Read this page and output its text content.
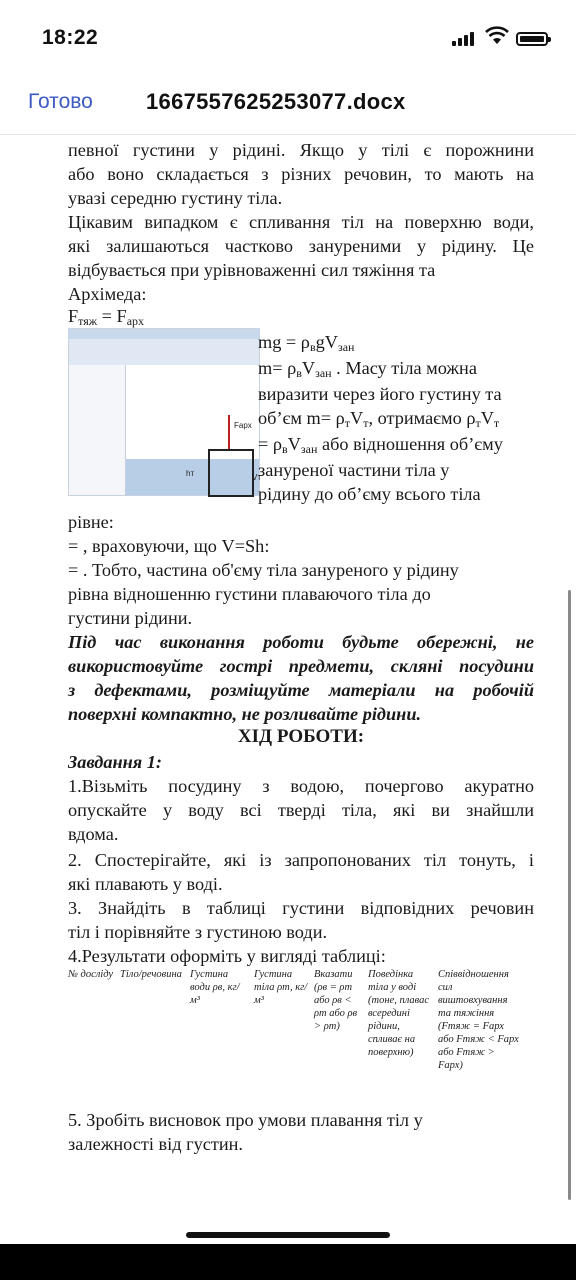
18:22
Готово 1667557625253077.docx
певної густини у рідині. Якщо у тілі є порожнини
або воно складається з різних речовин, то мають на
увазі середню густину тіла.
Цікавим випадком є спливання тіл на поверхню води,
які залишаються частково зануреними у рідину. Це
відбувається при урівноваженні сил тяжіння та
Архімеда:
$F_{тяж} = F_{арх}$
Fарх
hт	Vт
mg = $\rho_вgV_{зан}$
$m= \rho_вV_{зан}$ . Масу тіла можна
виразити через його густину та
об’єм $m= \rho_тV_т$, отримаємо $\rho_тV_т$
= $\rho_вV_{зан}$ або відношення об’єму
зануреної частини тіла у
рідину до об’єму всього тіла
рівне:
= , враховуючи, що V=Sh:
= . Тобто, частина об'єму тіла зануреного у рідину
рівна відношенню густини плаваючого тіла до
густини рідини.
Під час виконання роботи будьте обережні, не
використовуйте гострі предмети, скляні посудини
з дефектами, розміщуйте матеріали на робочій
поверхні компактно, не розливайте рідини.
ХІД РОБОТИ:
Завдання 1:
1.Візьміть посудину з водою, почергово акуратно
опускайте у воду всі тверді тіла, які ви знайшли
вдома.
2. Спостерігайте, які із запропонованих тіл тонуть, і
які плавають у воді.
3. Знайдіть в таблиці густини відповідних речовин
тіл і порівняйте з густиною води.
4.Результати оформіть у вигляді таблиці:
№ досліду Тіло/речовина Густина води ρв, кг/м³
Густина тіла ρт, кг/м³
Вказати (ρв = ρт або ρв < ρт або ρв > ρт)
Поведінка тіла у воді (тоне, плавас всередині рідини, спливає на поверхню)
Співвідношення сил виштовхування та тяжіння (Fтяж = Fарх або Fтяж < Fарх або Fтяж > Fарх)
5. Зробіть висновок про умови плавання тіл у
залежності від густин.
